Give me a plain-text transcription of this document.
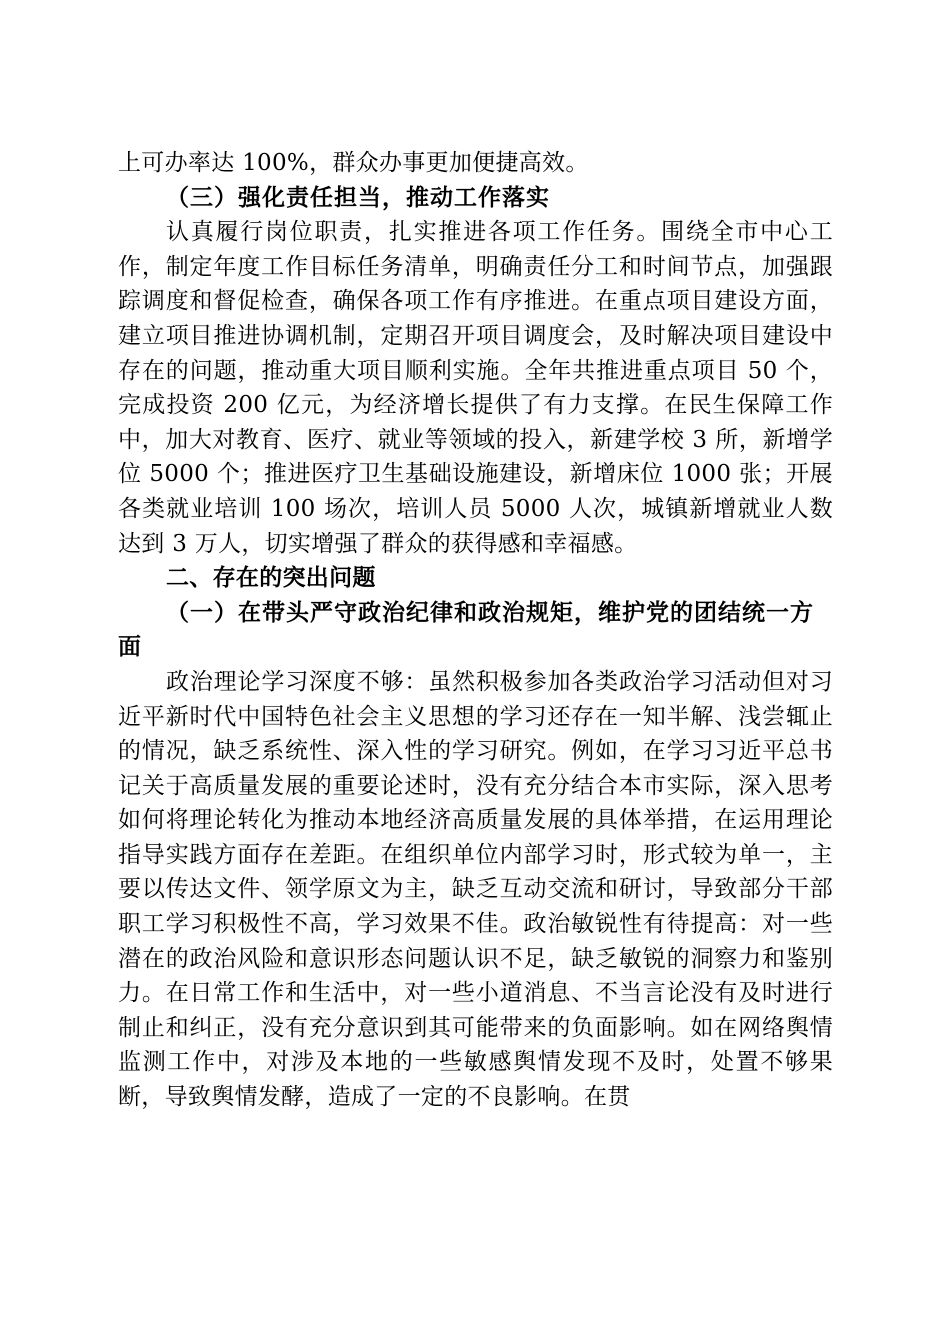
上可办率达 100%，群众办事更加便捷高效。

（三）强化责任担当，推动工作落实

认真履行岗位职责，扎实推进各项工作任务。围绕全市中心工作，制定年度工作目标任务清单，明确责任分工和时间节点，加强跟踪调度和督促检查，确保各项工作有序推进。在重点项目建设方面，建立项目推进协调机制，定期召开项目调度会，及时解决项目建设中存在的问题，推动重大项目顺利实施。全年共推进重点项目 50 个，完成投资 200 亿元，为经济增长提供了有力支撑。在民生保障工作中，加大对教育、医疗、就业等领域的投入，新建学校 3 所，新增学位 5000 个；推进医疗卫生基础设施建设，新增床位 1000 张；开展各类就业培训 100 场次，培训人员 5000 人次，城镇新增就业人数达到 3 万人，切实增强了群众的获得感和幸福感。

二、存在的突出问题

（一）在带头严守政治纪律和政治规矩，维护党的团结统一方面

政治理论学习深度不够：虽然积极参加各类政治学习活动但对习近平新时代中国特色社会主义思想的学习还存在一知半解、浅尝辄止的情况，缺乏系统性、深入性的学习研究。例如，在学习习近平总书记关于高质量发展的重要论述时，没有充分结合本市实际，深入思考如何将理论转化为推动本地经济高质量发展的具体举措，在运用理论指导实践方面存在差距。在组织单位内部学习时，形式较为单一，主要以传达文件、领学原文为主，缺乏互动交流和研讨，导致部分干部职工学习积极性不高，学习效果不佳。政治敏锐性有待提高：对一些潜在的政治风险和意识形态问题认识不足，缺乏敏锐的洞察力和鉴别力。在日常工作和生活中，对一些小道消息、不当言论没有及时进行制止和纠正，没有充分意识到其可能带来的负面影响。如在网络舆情监测工作中，对涉及本地的一些敏感舆情发现不及时，处置不够果断，导致舆情发酵，造成了一定的不良影响。在贯
